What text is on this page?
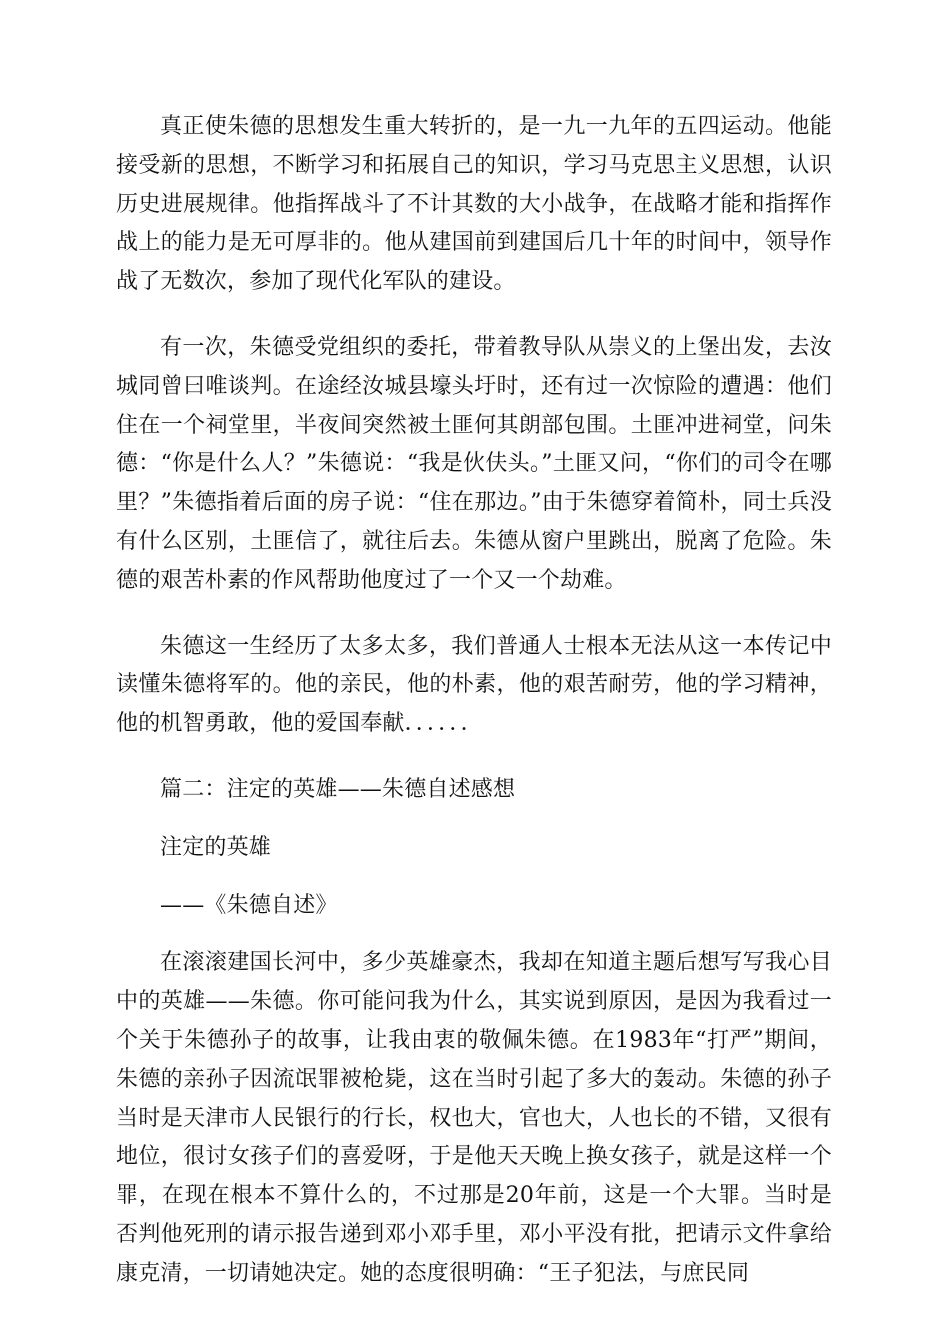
真正使朱德的思想发生重大转折的，是一九一九年的五四运动。他能接受新的思想，不断学习和拓展自己的知识，学习马克思主义思想，认识历史进展规律。他指挥战斗了不计其数的大小战争，在战略才能和指挥作战上的能力是无可厚非的。他从建国前到建国后几十年的时间中，领导作战了无数次，参加了现代化军队的建设。

有一次，朱德受党组织的委托，带着教导队从崇义的上堡出发，去汝城同曾曰唯谈判。在途经汝城县壕头圩时，还有过一次惊险的遭遇：他们住在一个祠堂里，半夜间突然被土匪何其朗部包围。土匪冲进祠堂，问朱德：“你是什么人？”朱德说：“我是伙伕头。”土匪又问，“你们的司令在哪里？”朱德指着后面的房子说：“住在那边。”由于朱德穿着简朴，同士兵没有什么区别，土匪信了，就往后去。朱德从窗户里跳出，脱离了危险。朱德的艰苦朴素的作风帮助他度过了一个又一个劫难。

朱德这一生经历了太多太多，我们普通人士根本无法从这一本传记中读懂朱德将军的。他的亲民，他的朴素，他的艰苦耐劳，他的学习精神，他的机智勇敢，他的爱国奉献．．．．．．

篇二：注定的英雄——朱德自述感想

注定的英雄

——《朱德自述》

在滚滚建国长河中，多少英雄豪杰，我却在知道主题后想写写我心目中的英雄——朱德。你可能问我为什么，其实说到原因，是因为我看过一个关于朱德孙子的故事，让我由衷的敬佩朱德。在1983年“打严”期间，朱德的亲孙子因流氓罪被枪毙，这在当时引起了多大的轰动。朱德的孙子当时是天津市人民银行的行长，权也大，官也大，人也长的不错，又很有地位，很讨女孩子们的喜爱呀，于是他天天晚上换女孩子，就是这样一个罪，在现在根本不算什么的，不过那是20年前，这是一个大罪。当时是否判他死刑的请示报告递到邓小邓手里，邓小平没有批，把请示文件拿给康克清，一切请她决定。她的态度很明确：“王子犯法，与庶民同
